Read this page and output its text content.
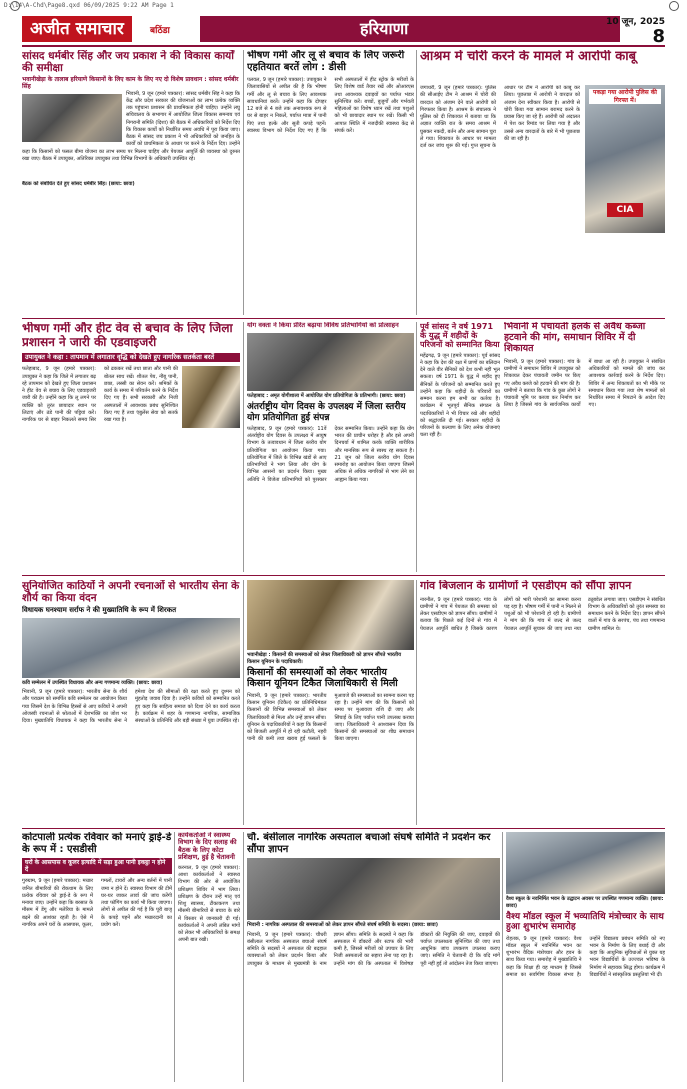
D:\14\A-Chd\Page8.qxd 06/09/2025 9:22 AM Page 1
अजीत समाचार	बठिंडा	हरियाणा	10 जून, 2025
8
सांसद धर्मबीर सिंह और जय प्रकाश ने की विकास कार्यों की समीक्षा
भवानीखेड़ा के तालाब हरियाणे किसानों के लिए काम के लिए नए दो विशेष प्रावधान : सांसद धर्मबीर सिंह
भिवानी, 9 जून (हमारे पत्रकार): सांसद धर्मबीर सिंह ने कहा कि केंद्र और प्रदेश सरकार की योजनाओं का लाभ प्रत्येक व्यक्ति तक पहुंचाना प्रशासन की प्राथमिकता होनी चाहिए। उन्होंने लघु सचिवालय के सभागार में आयोजित जिला विकास समन्वय एवं निगरानी समिति (दिशा) की बैठक में अधिकारियों को निर्देश दिए कि विकास कार्यों को निर्धारित समय अवधि में पूरा किया जाए। बैठक में सांसद जय प्रकाश ने भी अधिकारियों को जनहित के कार्यों को प्राथमिकता के आधार पर करने के निर्देश दिए। उन्होंने कहा कि किसानों को फसल बीमा योजना का लाभ समय पर मिलना चाहिए और पेयजल आपूर्ति की व्यवस्था को दुरुस्त रखा जाए। बैठक में उपायुक्त, अतिरिक्त उपायुक्त तथा विभिन्न विभागों के अधिकारी उपस्थित रहे।
बैठक को संबोधित देते हुए सांसद धर्मबीर सिंह। (छाया: छावा)
भीषण गर्मी और लू से बचाव के लिए जरूरी एहतियात बरतें लोग : डीसी
पलवल, 9 जून (हमारे पत्रकार): उपायुक्त ने जिलावासियों से अपील की है कि भीषण गर्मी और लू से बचाव के लिए आवश्यक सावधानियां बरतें। उन्होंने कहा कि दोपहर 12 बजे से 4 बजे तक अनावश्यक रूप से घर से बाहर न निकलें, पर्याप्त मात्रा में पानी पिएं तथा हल्के और सूती कपड़े पहनें। स्वास्थ्य विभाग को निर्देश दिए गए हैं कि सभी अस्पतालों में हीट स्ट्रोक के मरीजों के लिए विशेष वार्ड तैयार रखें और ओआरएस तथा आवश्यक दवाइयों का पर्याप्त भंडार सुनिश्चित करें। बच्चों, बुजुर्गों और गर्भवती महिलाओं का विशेष ध्यान रखें तथा पशुओं को भी छायादार स्थान पर रखें। किसी भी आपात स्थिति में नजदीकी स्वास्थ्य केंद्र से संपर्क करें।
आश्रम में चोरी करने के मामले में आरोपी काबू
जगाधरी, 9 जून (हमारे पत्रकार): पुलिस की सीआईए टीम ने आश्रम में चोरी की वारदात को अंजाम देने वाले आरोपी को गिरफ्तार किया है। आश्रम के संचालक ने पुलिस को दी शिकायत में बताया था कि अज्ञात व्यक्ति रात के समय आश्रम में घुसकर नकदी, बर्तन और अन्य सामान चुरा ले गया। शिकायत के आधार पर मामला दर्ज कर जांच शुरू की गई। गुप्त सूचना के आधार पर टीम ने आरोपी को काबू कर लिया। पूछताछ में आरोपी ने वारदात को अंजाम देना स्वीकार किया है। आरोपी से चोरी किया गया सामान बरामद करने के प्रयास किए जा रहे हैं। आरोपी को अदालत में पेश कर रिमांड पर लिया गया है और उससे अन्य वारदातों के बारे में भी पूछताछ की जा रही है।
पकड़ा गया आरोपी पुलिस की गिरफ्त में।
CIA
भीषण गर्मी और हीट वेव से बचाव के लिए जिला प्रशासन ने जारी की एडवाइजरी
उपायुक्त ने कहा : तापमान में लगातार वृद्धि को देखते हुए नागरिक सतर्कता बरतें
फतेहाबाद, 9 जून (हमारे पत्रकार): उपायुक्त ने कहा कि जिले में लगातार बढ़ रहे तापमान को देखते हुए जिला प्रशासन ने हीट वेव से बचाव के लिए एडवाइजरी जारी की है। उन्होंने कहा कि लू लगने पर व्यक्ति को तुरंत छायादार स्थान पर लिटाएं और ठंडे पानी की पट्टियां करें। नागरिक घर से बाहर निकलते समय सिर को ढककर रखें तथा छाता और पानी की बोतल साथ रखें। शीतल पेय, नींबू पानी, छाछ, लस्सी का सेवन करें। श्रमिकों के कार्य के समय में परिवर्तन करने के निर्देश दिए गए हैं। सभी सरकारी और निजी अस्पतालों में आवश्यक प्रबंध सुनिश्चित किए गए हैं तथा एंबुलेंस सेवा को सतर्क रखा गया है।
योग वक्ता ने किया प्रेरित बढ़ाया विविध प्रतिभागियों को प्रोत्साहन
फतेहाबाद : अमृत योगीशाला में आयोजित योग प्रतियोगिता के प्रतिभागी। (छाया: छावा)
अंतर्राष्ट्रीय योग दिवस के उपलक्ष्य में जिला स्तरीय योग प्रतियोगिता हुई संपन्न
फतेहाबाद, 9 जून (हमारे पत्रकार): 11वें अंतर्राष्ट्रीय योग दिवस के उपलक्ष्य में आयुष विभाग के तत्वावधान में जिला स्तरीय योग प्रतियोगिता का आयोजन किया गया। प्रतियोगिता में जिले के विभिन्न खंडों से आए प्रतिभागियों ने भाग लिया और योग के विभिन्न आसनों का प्रदर्शन किया। मुख्य अतिथि ने विजेता प्रतिभागियों को पुरस्कार देकर सम्मानित किया। उन्होंने कहा कि योग भारत की प्राचीन धरोहर है और इसे अपनी दिनचर्या में शामिल करके व्यक्ति शारीरिक और मानसिक रूप से स्वस्थ रह सकता है। 21 जून को जिला स्तरीय योग दिवस समारोह का आयोजन किया जाएगा जिसमें अधिक से अधिक नागरिकों से भाग लेने का आह्वान किया गया।
पूर्व सांसद ने वर्ष 1971 के युद्ध में शहीदों के परिजनों को सम्मानित किया
महेंद्रगढ़, 9 जून (हमारे पत्रकार): पूर्व सांसद ने कहा कि देश की रक्षा में प्राणों का बलिदान देने वाले वीर सैनिकों को देश कभी नहीं भूल सकता। वर्ष 1971 के युद्ध में शहीद हुए सैनिकों के परिजनों को सम्मानित करते हुए उन्होंने कहा कि शहीदों के परिवारों का सम्मान करना हम सभी का कर्तव्य है। कार्यक्रम में भूतपूर्व सैनिक संगठन के पदाधिकारियों ने भी विचार रखे और शहीदों को श्रद्धांजलि दी गई। सरकार शहीदों के परिजनों के कल्याण के लिए अनेक योजनाएं चला रही है।
भिवानी में पंचायती हलके से अवैध कब्जा हटवाने की मांग, समाधान शिविर में दी शिकायत
भिवानी, 9 जून (हमारे पत्रकार): गांव के ग्रामीणों ने समाधान शिविर में उपायुक्त को शिकायत देकर पंचायती जमीन पर किए गए अवैध कब्जे को हटवाने की मांग की है। ग्रामीणों ने बताया कि गांव के कुछ लोगों ने पंचायती भूमि पर कब्जा कर निर्माण कर लिया है जिससे गांव के सार्वजनिक कार्यों में बाधा आ रही है। उपायुक्त ने संबंधित अधिकारियों को मामले की जांच कर आवश्यक कार्रवाई करने के निर्देश दिए। शिविर में अन्य शिकायतों का भी मौके पर समाधान किया गया तथा शेष मामलों को निर्धारित समय में निपटाने के आदेश दिए गए।
सुनियोजित काठियों ने अपनी रचनाओं से भारतीय सेना के शौर्य का किया वंदन
विधायक घनश्याम सर्राफ ने की मुख्यातिथि के रूप में शिरकत
कवि सम्मेलन में उपस्थित विधायक और अन्य गणमान्य व्यक्ति। (छाया: छावा)
भिवानी, 9 जून (हमारे पत्रकार): भारतीय सेना के शौर्य और पराक्रम को समर्पित कवि सम्मेलन का आयोजन किया गया जिसमें देश के विभिन्न हिस्सों से आए कवियों ने अपनी ओजस्वी रचनाओं से श्रोताओं में देशभक्ति का जोश भर दिया। मुख्यातिथि विधायक ने कहा कि भारतीय सेना ने हमेशा देश की सीमाओं की रक्षा करते हुए दुश्मन को मुंहतोड़ जवाब दिया है। उन्होंने कवियों को सम्मानित करते हुए कहा कि साहित्य समाज को दिशा देने का कार्य करता है। कार्यक्रम में शहर के गणमान्य नागरिक, सामाजिक संस्थाओं के प्रतिनिधि और बड़ी संख्या में युवा उपस्थित रहे।
भवानीखेड़ा : किसानों की समस्याओं को लेकर जिलाधिकारी को ज्ञापन सौंपते भारतीय किसान यूनियन के पदाधिकारी।
किसानों की समस्याओं को लेकर भारतीय किसान यूनियन टिकैत जिलाधिकारी से मिली
भिवानी, 9 जून (हमारे पत्रकार): भारतीय किसान यूनियन (टिकैत) का प्रतिनिधिमंडल किसानों की विभिन्न समस्याओं को लेकर जिलाधिकारी से मिला और उन्हें ज्ञापन सौंपा। यूनियन के पदाधिकारियों ने कहा कि किसानों को बिजली आपूर्ति में हो रही कटौती, नहरी पानी की कमी तथा खराब हुई फसलों के मुआवजे की समस्याओं का सामना करना पड़ रहा है। उन्होंने मांग की कि किसानों को समय पर मुआवजा राशि दी जाए और सिंचाई के लिए पर्याप्त पानी उपलब्ध कराया जाए। जिलाधिकारी ने आश्वासन दिया कि किसानों की समस्याओं का शीघ्र समाधान किया जाएगा।
गांव बिजलान के ग्रामीणों ने एसडीएम को सौंपा ज्ञापन
नारनौल, 9 जून (हमारे पत्रकार): गांव के ग्रामीणों ने गांव में पेयजल की समस्या को लेकर एसडीएम को ज्ञापन सौंपा। ग्रामीणों ने बताया कि पिछले कई दिनों से गांव में पेयजल आपूर्ति बाधित है जिसके कारण लोगों को भारी परेशानी का सामना करना पड़ रहा है। भीषण गर्मी में पानी न मिलने से पशुओं को भी परेशानी हो रही है। ग्रामीणों ने मांग की कि गांव में जल्द से जल्द पेयजल आपूर्ति सुचारू की जाए तथा नया ट्यूबवेल लगाया जाए। एसडीएम ने संबंधित विभाग के अधिकारियों को तुरंत समस्या का समाधान करने के निर्देश दिए। ज्ञापन सौंपने वालों में गांव के सरपंच, पंच तथा गणमान्य ग्रामीण शामिल थे।
कोटपाली प्रत्येक रविवार को मनाएं ड्राई-डे के रूप में : एसडीसी
घरों के आसपास व कूलर इत्यादि में सड़ा हुआ पानी इकट्ठा न होने दें
गुरुग्राम, 9 जून (हमारे पत्रकार): मच्छर जनित बीमारियों की रोकथाम के लिए प्रत्येक रविवार को ड्राई-डे के रूप में मनाया जाए। उन्होंने कहा कि बरसात के मौसम में डेंगू और मलेरिया के मामले बढ़ने की आशंका रहती है। ऐसे में नागरिक अपने घरों के आसपास, कूलर, गमलों, टायरों और अन्य बर्तनों में पानी जमा न होने दें। स्वास्थ्य विभाग की टीमें घर-घर जाकर लार्वा की जांच करेंगी तथा फॉगिंग का कार्य भी किया जाएगा। लोगों से अपील की गई है कि पूरी बाजू के कपड़े पहनें और मच्छरदानी का प्रयोग करें।
कार्यकर्ताओं ने स्वास्थ्य विभाग के दिए सलाह की बैठक के लिए कोटा प्रशिक्षण, हुई है चेतावनी
करनाल, 9 जून (हमारे पत्रकार): आशा कार्यकर्ताओं ने स्वास्थ्य विभाग की ओर से आयोजित प्रशिक्षण शिविर में भाग लिया। प्रशिक्षण के दौरान उन्हें मातृ एवं शिशु स्वास्थ्य, टीकाकरण तथा मौसमी बीमारियों से बचाव के बारे में विस्तार से जानकारी दी गई। कार्यकर्ताओं ने अपनी लंबित मांगों को लेकर भी अधिकारियों के समक्ष अपनी बात रखी।
चौ. बंसीलाल नागरिक अस्पताल बचाओ संघर्ष समिति ने प्रदर्शन कर सौंपा ज्ञापन
भिवानी : नागरिक अस्पताल की समस्याओं को लेकर ज्ञापन सौंपते संघर्ष समिति के सदस्य। (छाया: छावा)
भिवानी, 9 जून (हमारे पत्रकार): चौधरी बंसीलाल नागरिक अस्पताल बचाओ संघर्ष समिति के सदस्यों ने अस्पताल की बदहाल व्यवस्थाओं को लेकर प्रदर्शन किया और उपायुक्त के माध्यम से मुख्यमंत्री के नाम ज्ञापन सौंपा। समिति के सदस्यों ने कहा कि अस्पताल में डॉक्टरों और स्टाफ की भारी कमी है, जिससे मरीजों को उपचार के लिए निजी अस्पतालों का सहारा लेना पड़ रहा है। उन्होंने मांग की कि अस्पताल में विशेषज्ञ डॉक्टरों की नियुक्ति की जाए, दवाइयों की पर्याप्त उपलब्धता सुनिश्चित की जाए तथा आधुनिक जांच उपकरण उपलब्ध कराए जाएं। समिति ने चेतावनी दी कि यदि मांगें पूरी नहीं हुईं तो आंदोलन तेज किया जाएगा।
वैश्य स्कूल के नवनिर्मित भवन के उद्घाटन अवसर पर उपस्थित गणमान्य व्यक्ति। (छाया: छावा)
वैश्य मॉडल स्कूल में भव्यातिथि मंत्रोच्चार के साथ हुआ शुभारंभ समारोह
रोहतक, 9 जून (हमारे पत्रकार): वैश्य मॉडल स्कूल में नवनिर्मित भवन का शुभारंभ वैदिक मंत्रोच्चार और हवन के साथ किया गया। समारोह में मुख्यातिथि ने कहा कि शिक्षा ही वह माध्यम है जिससे समाज का सर्वांगीण विकास संभव है। उन्होंने विद्यालय प्रबंधन समिति को नए भवन के निर्माण के लिए बधाई दी और कहा कि आधुनिक सुविधाओं से युक्त यह भवन विद्यार्थियों के उज्ज्वल भविष्य के निर्माण में सहायक सिद्ध होगा। कार्यक्रम में विद्यार्थियों ने सांस्कृतिक प्रस्तुतियां भी दीं।
